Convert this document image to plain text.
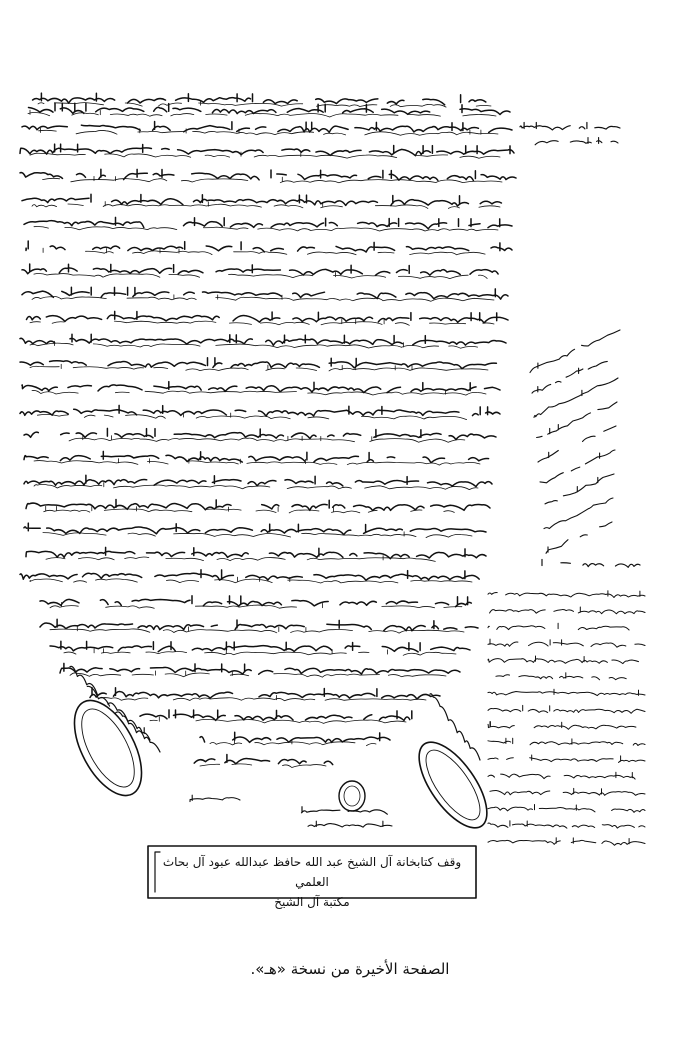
وقف كتابخانة آل الشيخ عبد الله حافظ عبدالله عبود آل بحاث العلمي
مكتبة آل الشيخ
الصفحة الأخيرة من نسخة «هـ».
